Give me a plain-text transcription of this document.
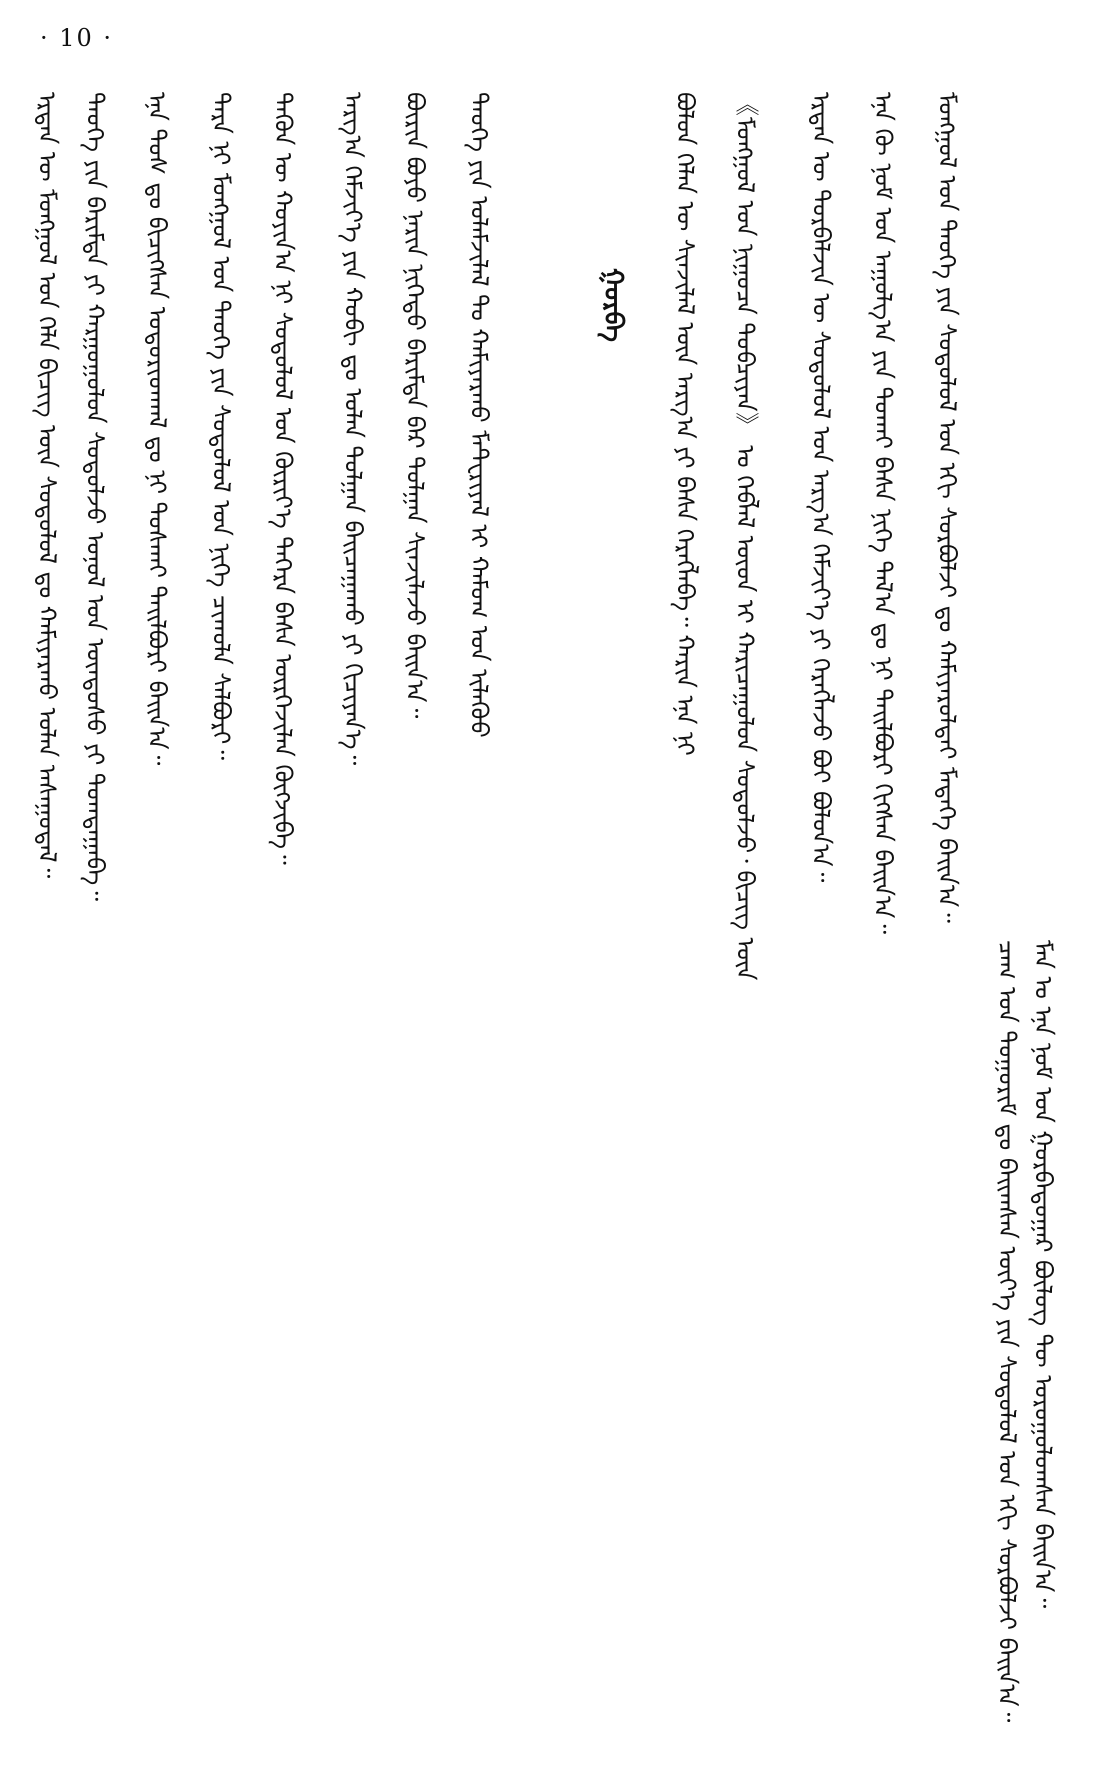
· 10 ·
ᠮᠣᠩᠭᠤᠯ ᠤᠨ ᠲᠡᠦᠬᠡ ᠶᠢᠨ ᠰᠤᠳᠤᠯᠤᠯ ᠤᠨ ᠡᠬᠢ ᠰᠤᠷᠪᠤᠯᠵᠢ ᠳᠤ ᠬᠠᠮᠢᠶᠠᠷᠤᠯᠲᠠᠢ ᠮᠡᠳᠡᠭᠡ ᠪᠠᠢᠨ᠎ᠠ᠃
ᠡᠨᠡ ᠬᠦ ᠨᠣᠮ ᠤᠨ ᠠᠭᠤᠯᠭ᠎ᠠ ᠶᠢᠨ ᠲᠤᠬᠠᠢ ᠪᠠᠰᠠ ᠨᠢᠭᠡ ᠲᠠᠯ᠎ᠠ ᠳᠤ ᠨᠢ ᠲᠠᠢᠯᠪᠤᠷᠢ ᠬᠢᠭᠰᠡᠨ ᠪᠠᠢᠨ᠎ᠠ᠃
ᠡᠷᠲᠡᠨ ᠦ ᠲᠤᠷᠪᠡᠯᠵᠢᠨ ᠦ ᠰᠤᠳᠤᠯᠤᠯ ᠤᠨ ᠠᠷᠭ᠎ᠠ ᠬᠡᠮᠵᠢᠶ᠎ᠡ ᠶᠢ ᠬᠡᠷᠡᠭᠯᠡᠵᠦ ᠪᠤᠢ ᠪᠣᠯᠤᠨ᠎ᠠ᠃
《ᠮᠣᠩᠭᠤᠯ ᠤᠨ ᠨᠢᠭᠤᠴᠠ ᠲᠤᠪᠴᠢᠶᠠᠨ》 ᠤ ᠬᠡᠪᠯᠡᠯ ᠦᠳ ᠢ ᠬᠠᠷᠢᠴᠠᠭᠤᠯᠤᠨ ᠰᠤᠳᠤᠯᠵᠤ᠂ ᠪᠢᠴᠢᠭ ᠦᠨ
ᠪᠣᠯᠤᠨ ᠬᠡᠯᠡᠨ ᠦ ᠰᠢᠨᠵᠢᠯᠡᠯ ᠦᠨ ᠠᠷᠭ᠎ᠠ ᠶᠢ ᠪᠠᠰᠠ ᠬᠡᠷᠡᠭᠯᠡᠪᠡ᠃ ᠬᠠᠷᠢᠨ ᠡᠨᠡ ᠨᠢ
ᠭᠤᠷᠪᠠ
ᠲᠡᠦᠬᠡ ᠶᠢᠨ ᠤᠯᠠᠮᠵᠢᠯᠠᠯ ᠲᠤ ᠬᠠᠮᠢᠶᠠᠷᠬᠤ ᠮᠠᠲ᠋ᠧᠷᠢᠶᠠᠯ ᠢ ᠬᠠᠮᠤᠭ ᠤᠨ ᠢᠯᠡᠭᠦᠦ
ᠪᠦᠷᠢᠨ ᠪᠤᠶᠤ ᠨᠠᠷᠢᠨ ᠨᠢᠭᠡᠲᠦ ᠪᠠᠷᠢᠮᠲᠠ ᠪᠠᠷ ᠲᠤᠯᠭᠠᠨ ᠰᠢᠨᠵᠢᠯᠡᠵᠦ ᠪᠠᠢᠨ᠎ᠠ᠃
ᠠᠷᠭ᠎ᠠ ᠬᠡᠮᠵᠢᠶ᠎ᠡ ᠶᠢᠨ ᠬᠤᠪᠢ ᠳᠤ ᠣᠯᠠᠨ ᠲᠤᠯᠭᠠᠨ ᠪᠠᠢᠴᠠᠭᠠᠬᠤ ᠶᠢ ᠬᠢᠴᠢᠶᠡᠨ᠎ᠡ᠃
ᠲᠡᠭᠦᠨ ᠦ ᠬᠣᠶᠢᠨ᠎ᠠ ᠨᠢ ᠰᠤᠳᠤᠯᠤᠯ ᠤᠨ ᠬᠦᠷᠢᠶ᠎ᠡ ᠳᠡᠭᠡᠷᠡ ᠪᠠᠰᠠ ᠦᠷᠭᠡᠵᠢᠯᠡᠨ ᠬᠦᠭᠵᠢᠪᠡ᠃
ᠲᠡᠷᠡ ᠨᠢ ᠮᠣᠩᠭᠤᠯ ᠤᠨ ᠲᠡᠦᠬᠡ ᠶᠢᠨ ᠰᠤᠳᠤᠯᠤᠯ ᠤᠨ ᠨᠢᠭᠡ ᠴᠢᠬᠤᠯᠠ ᠰᠠᠯᠪᠤᠷᠢ᠃
ᠡᠨᠡ ᠲᠤᠰ ᠳᠤ ᠪᠢᠴᠢᠭᠰᠡᠨ ᠤᠳᠤᠷᠢᠳᠬᠠᠯ ᠳᠤ ᠨᠢ ᠲᠤᠰᠬᠠᠢ ᠲᠠᠢᠯᠪᠤᠷᠢ ᠪᠠᠢᠨ᠎ᠠ᠃
ᠲᠡᠦᠬᠡ ᠶᠢᠨ ᠪᠠᠷᠢᠮᠲᠠ ᠶᠢ ᠬᠠᠷᠭᠤᠭᠤᠯᠤᠨ ᠰᠤᠳᠤᠯᠵᠤ ᠣᠨᠣᠯ ᠤᠨ ᠦᠨᠳᠦᠰᠦ ᠶᠢ ᠲᠣᠭᠲᠠᠭᠠᠪᠠ᠃
ᠡᠷᠲᠡᠨ ᠦ ᠮᠣᠩᠭᠤᠯ ᠤᠨ ᠬᠡᠯᠡ ᠪᠢᠴᠢᠭ ᠦᠨ ᠰᠤᠳᠤᠯᠤᠯ ᠳᠤ ᠬᠠᠮᠢᠶᠠᠷᠬᠤ ᠣᠯᠠᠨ ᠠᠰᠠᠭᠤᠳᠠᠯ᠃
ᠮᠠᠨ ᠤ ᠡᠨᠡ ᠨᠣᠮ ᠤᠨ ᠭᠤᠷᠪᠠᠳᠤᠭᠠᠷ ᠪᠦᠯᠦᠭ ᠲᠦ ᠣᠷᠤᠭᠤᠯᠤᠭᠰᠠᠨ ᠪᠠᠢᠨ᠎ᠠ᠃
ᠴᠠᠭ ᠤᠨ ᠲᠤᠭᠤᠷᠢᠮ ᠳᠤ ᠪᠠᠢᠭᠰᠠᠨ ᠦᠶ᠎ᠡ ᠶᠢᠨ ᠰᠤᠳᠤᠯᠤᠯ ᠤᠨ ᠡᠬᠢ ᠰᠤᠷᠪᠤᠯᠵᠢ ᠪᠠᠢᠨ᠎ᠠ᠃
